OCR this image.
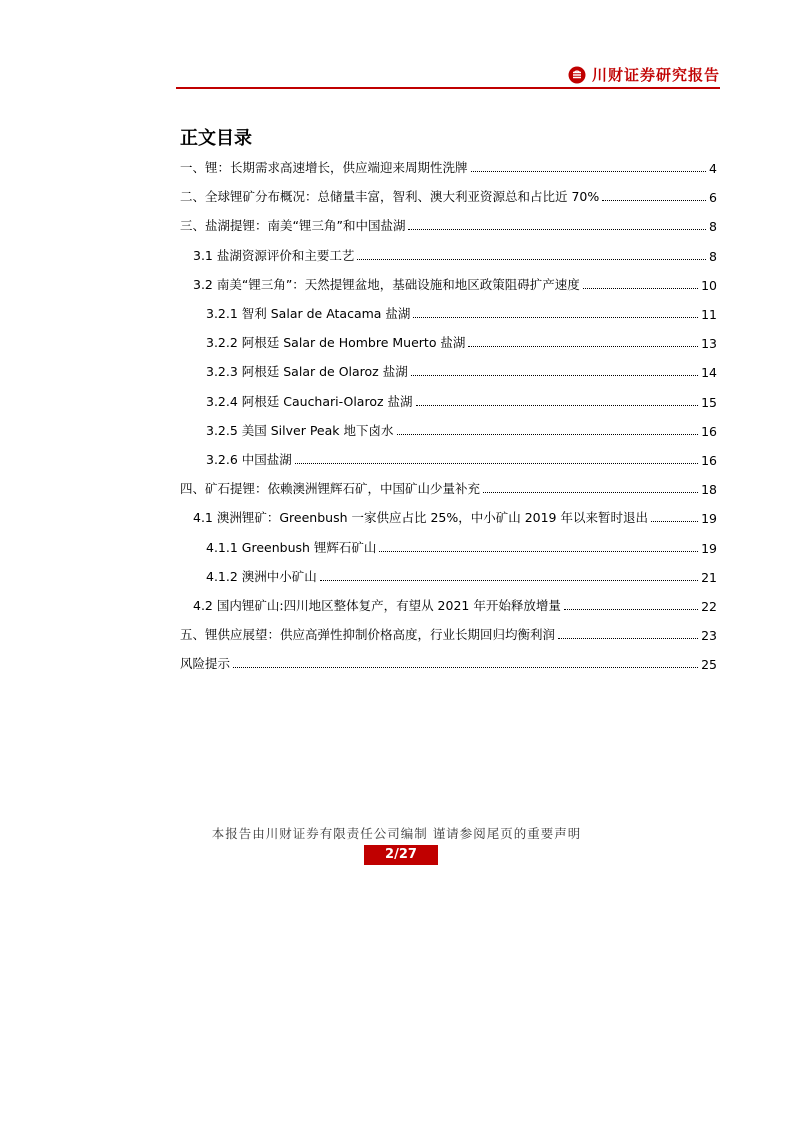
川财证券研究报告
正文目录
一、锂：长期需求高速增长，供应端迎来周期性洗牌	4
二、全球锂矿分布概况：总储量丰富，智利、澳大利亚资源总和占比近 70%	6
三、盐湖提锂：南美“锂三角”和中国盐湖	8
3.1 盐湖资源评价和主要工艺	8
3.2 南美“锂三角”：天然提锂盆地，基础设施和地区政策阻碍扩产速度	10
3.2.1 智利 Salar de Atacama 盐湖	11
3.2.2 阿根廷 Salar de Hombre Muerto 盐湖	13
3.2.3 阿根廷 Salar de Olaroz 盐湖	14
3.2.4 阿根廷 Cauchari-Olaroz 盐湖	15
3.2.5 美国 Silver Peak 地下卤水	16
3.2.6 中国盐湖	16
四、矿石提锂：依赖澳洲锂辉石矿，中国矿山少量补充	18
4.1 澳洲锂矿：Greenbush 一家供应占比 25%，中小矿山 2019 年以来暂时退出	19
4.1.1 Greenbush 锂辉石矿山	19
4.1.2 澳洲中小矿山	21
4.2 国内锂矿山:四川地区整体复产，有望从 2021 年开始释放增量	22
五、锂供应展望：供应高弹性抑制价格高度，行业长期回归均衡利润	23
风险提示	25
本报告由川财证券有限责任公司编制 谨请参阅尾页的重要声明
2/27
